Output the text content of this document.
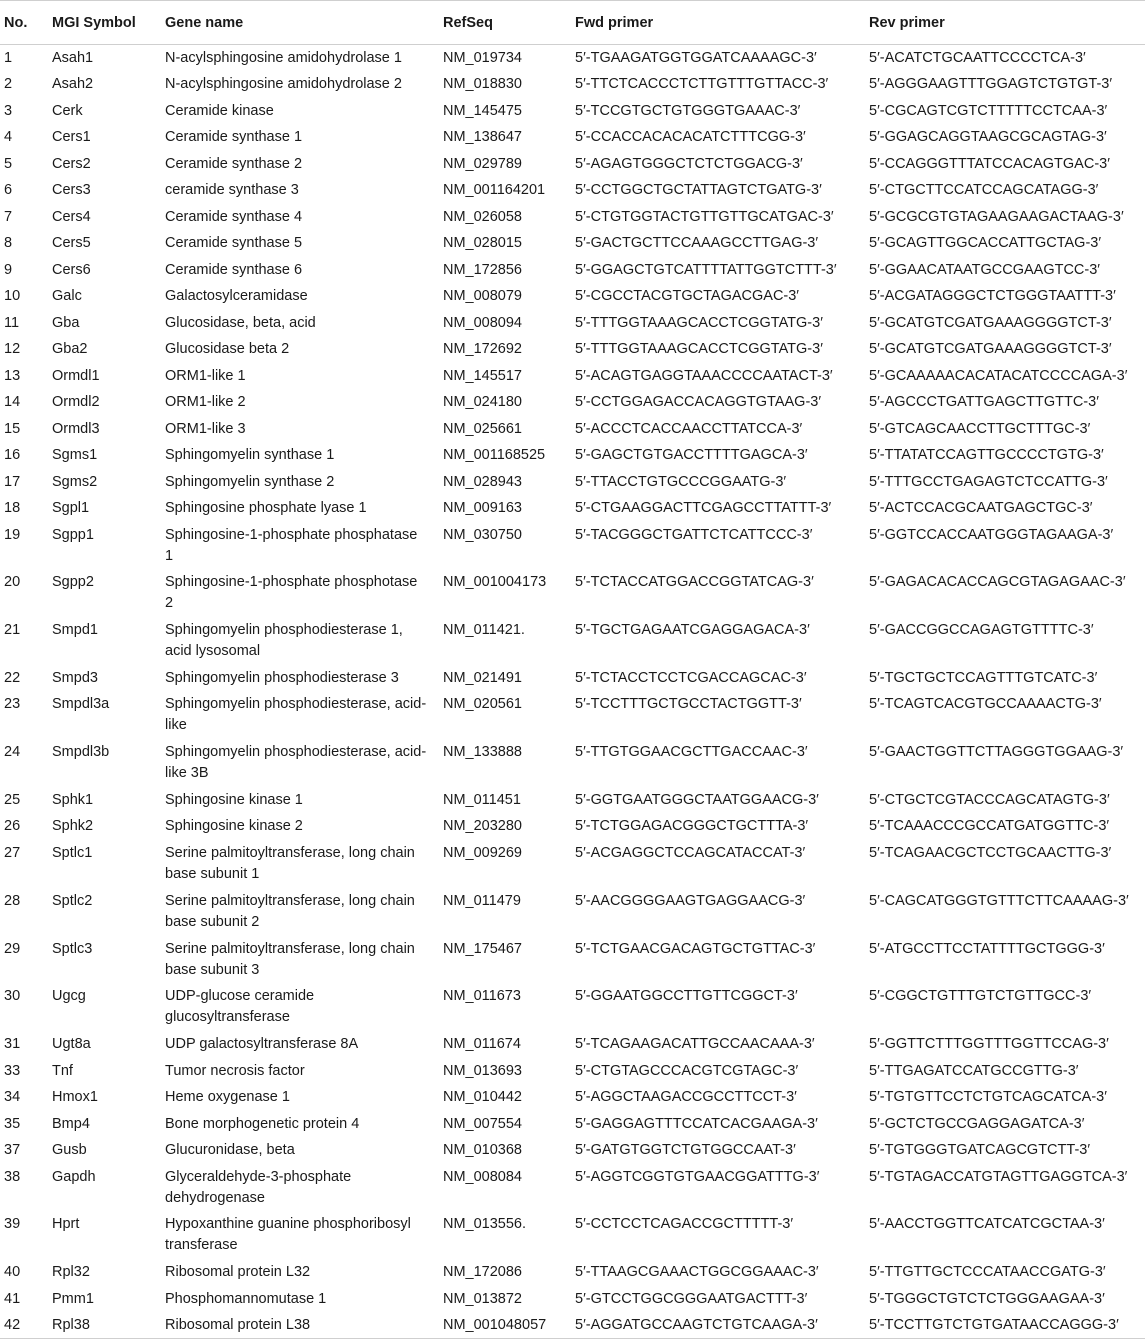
No.	MGI Symbol	Gene name	RefSeq	Fwd primer	Rev primer
1	Asah1	N-acylsphingosine amidohydrolase 1	NM_019734	5′-TGAAGATGGTGGATCAAAAGC-3′	5′-ACATCTGCAATTCCCCTCA-3′
2	Asah2	N-acylsphingosine amidohydrolase 2	NM_018830	5′-TTCTCACCCTCTTGTTTGTTACC-3′	5′-AGGGAAGTTTGGAGTCTGTGT-3′
3	Cerk	Ceramide kinase	NM_145475	5′-TCCGTGCTGTGGGTGAAAC-3′	5′-CGCAGTCGTCTTTTTCCTCAA-3′
4	Cers1	Ceramide synthase 1	NM_138647	5′-CCACCACACACATCTTTCGG-3′	5′-GGAGCAGGTAAGCGCAGTAG-3′
5	Cers2	Ceramide synthase 2	NM_029789	5′-AGAGTGGGCTCTCTGGACG-3′	5′-CCAGGGTTTATCCACAGTGAC-3′
6	Cers3	ceramide synthase 3	NM_001164201	5′-CCTGGCTGCTATTAGTCTGATG-3′	5′-CTGCTTCCATCCAGCATAGG-3′
7	Cers4	Ceramide synthase 4	NM_026058	5′-CTGTGGTACTGTTGTTGCATGAC-3′	5′-GCGCGTGTAGAAGAAGACTAAG-3′
8	Cers5	Ceramide synthase 5	NM_028015	5′-GACTGCTTCCAAAGCCTTGAG-3′	5′-GCAGTTGGCACCATTGCTAG-3′
9	Cers6	Ceramide synthase 6	NM_172856	5′-GGAGCTGTCATTTTATTGGTCTTT-3′	5′-GGAACATAATGCCGAAGTCC-3′
10	Galc	Galactosylceramidase	NM_008079	5′-CGCCTACGTGCTAGACGAC-3′	5′-ACGATAGGGCTCTGGGTAATTT-3′
11	Gba	Glucosidase, beta, acid	NM_008094	5′-TTTGGTAAAGCACCTCGGTATG-3′	5′-GCATGTCGATGAAAGGGGTCT-3′
12	Gba2	Glucosidase beta 2	NM_172692	5′-TTTGGTAAAGCACCTCGGTATG-3′	5′-GCATGTCGATGAAAGGGGTCT-3′
13	Ormdl1	ORM1-like 1	NM_145517	5′-ACAGTGAGGTAAACCCCAATACT-3′	5′-GCAAAAACACATACATCCCCAGA-3′
14	Ormdl2	ORM1-like 2	NM_024180	5′-CCTGGAGACCACAGGTGTAAG-3′	5′-AGCCCTGATTGAGCTTGTTC-3′
15	Ormdl3	ORM1-like 3	NM_025661	5′-ACCCTCACCAACCTTATCCA-3′	5′-GTCAGCAACCTTGCTTTGC-3′
16	Sgms1	Sphingomyelin synthase 1	NM_001168525	5′-GAGCTGTGACCTTTTGAGCA-3′	5′-TTATATCCAGTTGCCCCTGTG-3′
17	Sgms2	Sphingomyelin synthase 2	NM_028943	5′-TTACCTGTGCCCGGAATG-3′	5′-TTTGCCTGAGAGTCTCCATTG-3′
18	Sgpl1	Sphingosine phosphate lyase 1	NM_009163	5′-CTGAAGGACTTCGAGCCTTATTT-3′	5′-ACTCCACGCAATGAGCTGC-3′
19	Sgpp1	Sphingosine-1-phosphate phosphatase 1	NM_030750	5′-TACGGGCTGATTCTCATTCCC-3′	5′-GGTCCACCAATGGGTAGAAGA-3′
20	Sgpp2	Sphingosine-1-phosphate phosphotase 2	NM_001004173	5′-TCTACCATGGACCGGTATCAG-3′	5′-GAGACACACCAGCGTAGAGAAC-3′
21	Smpd1	Sphingomyelin phosphodiesterase 1, acid lysosomal	NM_011421.	5′-TGCTGAGAATCGAGGAGACA-3′	5′-GACCGGCCAGAGTGTTTTC-3′
22	Smpd3	Sphingomyelin phosphodiesterase 3	NM_021491	5′-TCTACCTCCTCGACCAGCAC-3′	5′-TGCTGCTCCAGTTTGTCATC-3′
23	Smpdl3a	Sphingomyelin phosphodiesterase, acid-like	NM_020561	5′-TCCTTTGCTGCCTACTGGTT-3′	5′-TCAGTCACGTGCCAAAACTG-3′
24	Smpdl3b	Sphingomyelin phosphodiesterase, acid-like 3B	NM_133888	5′-TTGTGGAACGCTTGACCAAC-3′	5′-GAACTGGTTCTTAGGGTGGAAG-3′
25	Sphk1	Sphingosine kinase 1	NM_011451	5′-GGTGAATGGGCTAATGGAACG-3′	5′-CTGCTCGTACCCAGCATAGTG-3′
26	Sphk2	Sphingosine kinase 2	NM_203280	5′-TCTGGAGACGGGCTGCTTTA-3′	5′-TCAAACCCGCCATGATGGTTC-3′
27	Sptlc1	Serine palmitoyltransferase, long chain base subunit 1	NM_009269	5′-ACGAGGCTCCAGCATACCAT-3′	5′-TCAGAACGCTCCTGCAACTTG-3′
28	Sptlc2	Serine palmitoyltransferase, long chain base subunit 2	NM_011479	5′-AACGGGGAAGTGAGGAACG-3′	5′-CAGCATGGGTGTTTCTTCAAAAG-3′
29	Sptlc3	Serine palmitoyltransferase, long chain base subunit 3	NM_175467	5′-TCTGAACGACAGTGCTGTTAC-3′	5′-ATGCCTTCCTATTTTGCTGGG-3′
30	Ugcg	UDP-glucose ceramide glucosyltransferase	NM_011673	5′-GGAATGGCCTTGTTCGGCT-3′	5′-CGGCTGTTTGTCTGTTGCC-3′
31	Ugt8a	UDP galactosyltransferase 8A	NM_011674	5′-TCAGAAGACATTGCCAACAAA-3′	5′-GGTTCTTTGGTTTGGTTCCAG-3′
33	Tnf	Tumor necrosis factor	NM_013693	5′-CTGTAGCCCACGTCGTAGC-3′	5′-TTGAGATCCATGCCGTTG-3′
34	Hmox1	Heme oxygenase 1	NM_010442	5′-AGGCTAAGACCGCCTTCCT-3′	5′-TGTGTTCCTCTGTCAGCATCA-3′
35	Bmp4	Bone morphogenetic protein 4	NM_007554	5′-GAGGAGTTTCCATCACGAAGA-3′	5′-GCTCTGCCGAGGAGATCA-3′
37	Gusb	Glucuronidase, beta	NM_010368	5′-GATGTGGTCTGTGGCCAAT-3′	5′-TGTGGGTGATCAGCGTCTT-3′
38	Gapdh	Glyceraldehyde-3-phosphate dehydrogenase	NM_008084	5′-AGGTCGGTGTGAACGGATTTG-3′	5′-TGTAGACCATGTAGTTGAGGTCA-3′
39	Hprt	Hypoxanthine guanine phosphoribosyl transferase	NM_013556.	5′-CCTCCTCAGACCGCTTTTT-3′	5′-AACCTGGTTCATCATCGCTAA-3′
40	Rpl32	Ribosomal protein L32	NM_172086	5′-TTAAGCGAAACTGGCGGAAAC-3′	5′-TTGTTGCTCCCATAACCGATG-3′
41	Pmm1	Phosphomannomutase 1	NM_013872	5′-GTCCTGGCGGGAATGACTTT-3′	5′-TGGGCTGTCTCTGGGAAGAA-3′
42	Rpl38	Ribosomal protein L38	NM_001048057	5′-AGGATGCCAAGTCTGTCAAGA-3′	5′-TCCTTGTCTGTGATAACCAGGG-3′
